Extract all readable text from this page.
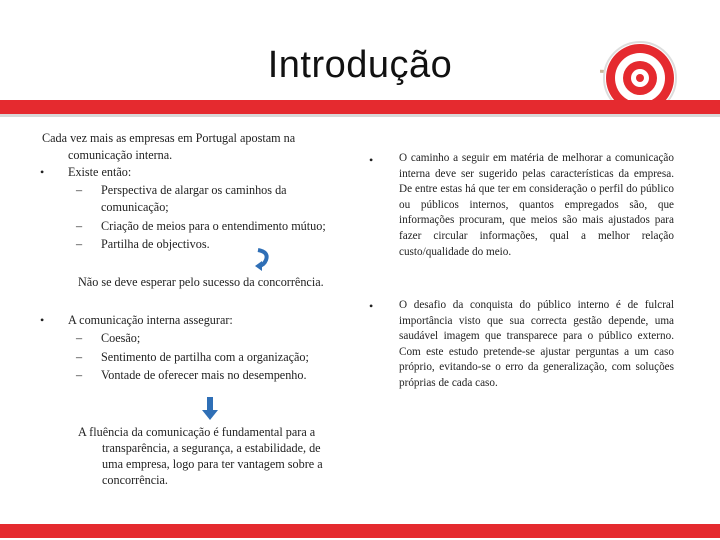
Introdução
Cada vez mais as empresas em Portugal apostam na
comunicação interna.
• Existe então:
– Perspectiva de alargar os caminhos da
comunicação;
– Criação de meios para o entendimento mútuo;
– Partilha de objectivos.
Não se deve esperar pelo sucesso da concorrência.
• A comunicação interna assegurar:
– Coesão;
– Sentimento de partilha com a organização;
– Vontade de oferecer mais no desempenho.
A fluência da comunicação é fundamental para a
transparência, a segurança, a estabilidade, de
uma empresa, logo para ter vantagem sobre a
concorrência.
• O caminho a seguir em matéria de melhorar a comunicação interna deve ser sugerido pelas características da empresa. De entre estas há que ter em consideração o perfil do público ou públicos internos, quantos empregados são, que informações procuram, que meios são mais ajustados para fazer circular informações, qual a melhor relação custo/qualidade do meio.
• O desafio da conquista do público interno é de fulcral importância visto que sua correcta gestão depende, uma saudável imagem que transparece para o público externo. Com este estudo pretende-se ajustar perguntas a um caso próprio, evitando-se o erro da generalização, com soluções próprias de cada caso.
